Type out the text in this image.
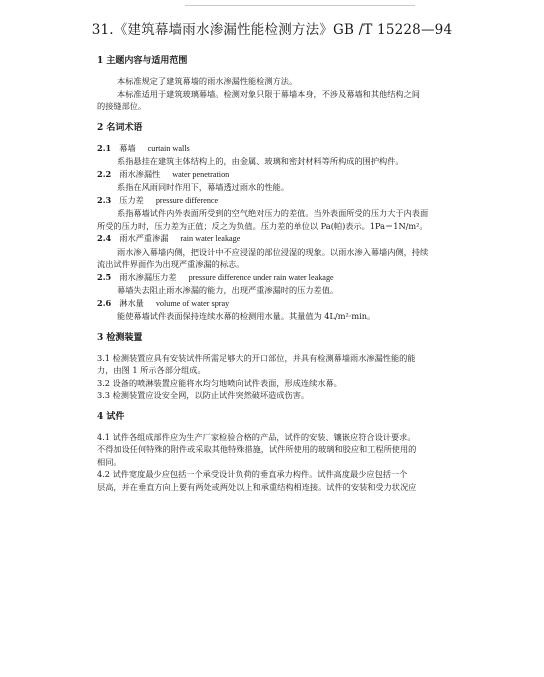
31.《建筑幕墙雨水渗漏性能检测方法》GB /T 15228—94
1 主题内容与适用范围
本标准规定了建筑幕墙的雨水渗漏性能检测方法。
本标准适用于建筑玻璃幕墙。检测对象只限于幕墙本身，不涉及幕墙和其他结构之间
的接缝部位。
2 名词术语
2.1 幕墙 curtain walls
系指悬挂在建筑主体结构上的，由金属、玻璃和密封材料等所构成的围护构件。
2.2 雨水渗漏性 water penetration
系指在风雨同时作用下，幕墙透过雨水的性能。
2.3 压力差 pressure difference
系指幕墙试件内外表面所受到的空气绝对压力的差值。当外表面所受的压力大于内表面
所受的压力时，压力差为正值；反之为负值。压力差的单位以 Pa(帕)表示。1Pa＝1N/m²。
2.4 雨水严重渗漏 rain water leakage
雨水渗入幕墙内侧，把设计中不应浸湿的部位浸湿的现象。以雨水渗入幕墙内侧，持续
流出试件界面作为出现严重渗漏的标志。
2.5 雨水渗漏压力差 pressure difference under rain water leakage
幕墙失去阻止雨水渗漏的能力，出现严重渗漏时的压力差值。
2.6 淋水量 volume of water spray
能使幕墙试件表面保持连续水幕的检测用水量。其量值为 4L/m²·min。
3 检测装置
3.1 检测装置应具有安装试件所需足够大的开口部位，并具有检测幕墙雨水渗漏性能的能
力，由图 1 所示各部分组成。
3.2 设备的喷淋装置应能将水均匀地喷向试件表面，形成连续水幕。
3.3 检测装置应设安全网，以防止试件突然破坏造成伤害。
4 试件
4.1 试件各组成部件应为生产厂家检验合格的产品，试件的安装、镶嵌应符合设计要求。
不得加设任何特殊的附件或采取其他特殊措施，试件所使用的玻璃和胶应和工程所使用的
相同。
4.2 试件宽度最少应包括一个承受设计负荷的垂直承力构件。试件高度最少应包括一个
层高，并在垂直方向上要有两处或两处以上和承重结构相连接。试件的安装和受力状况应
